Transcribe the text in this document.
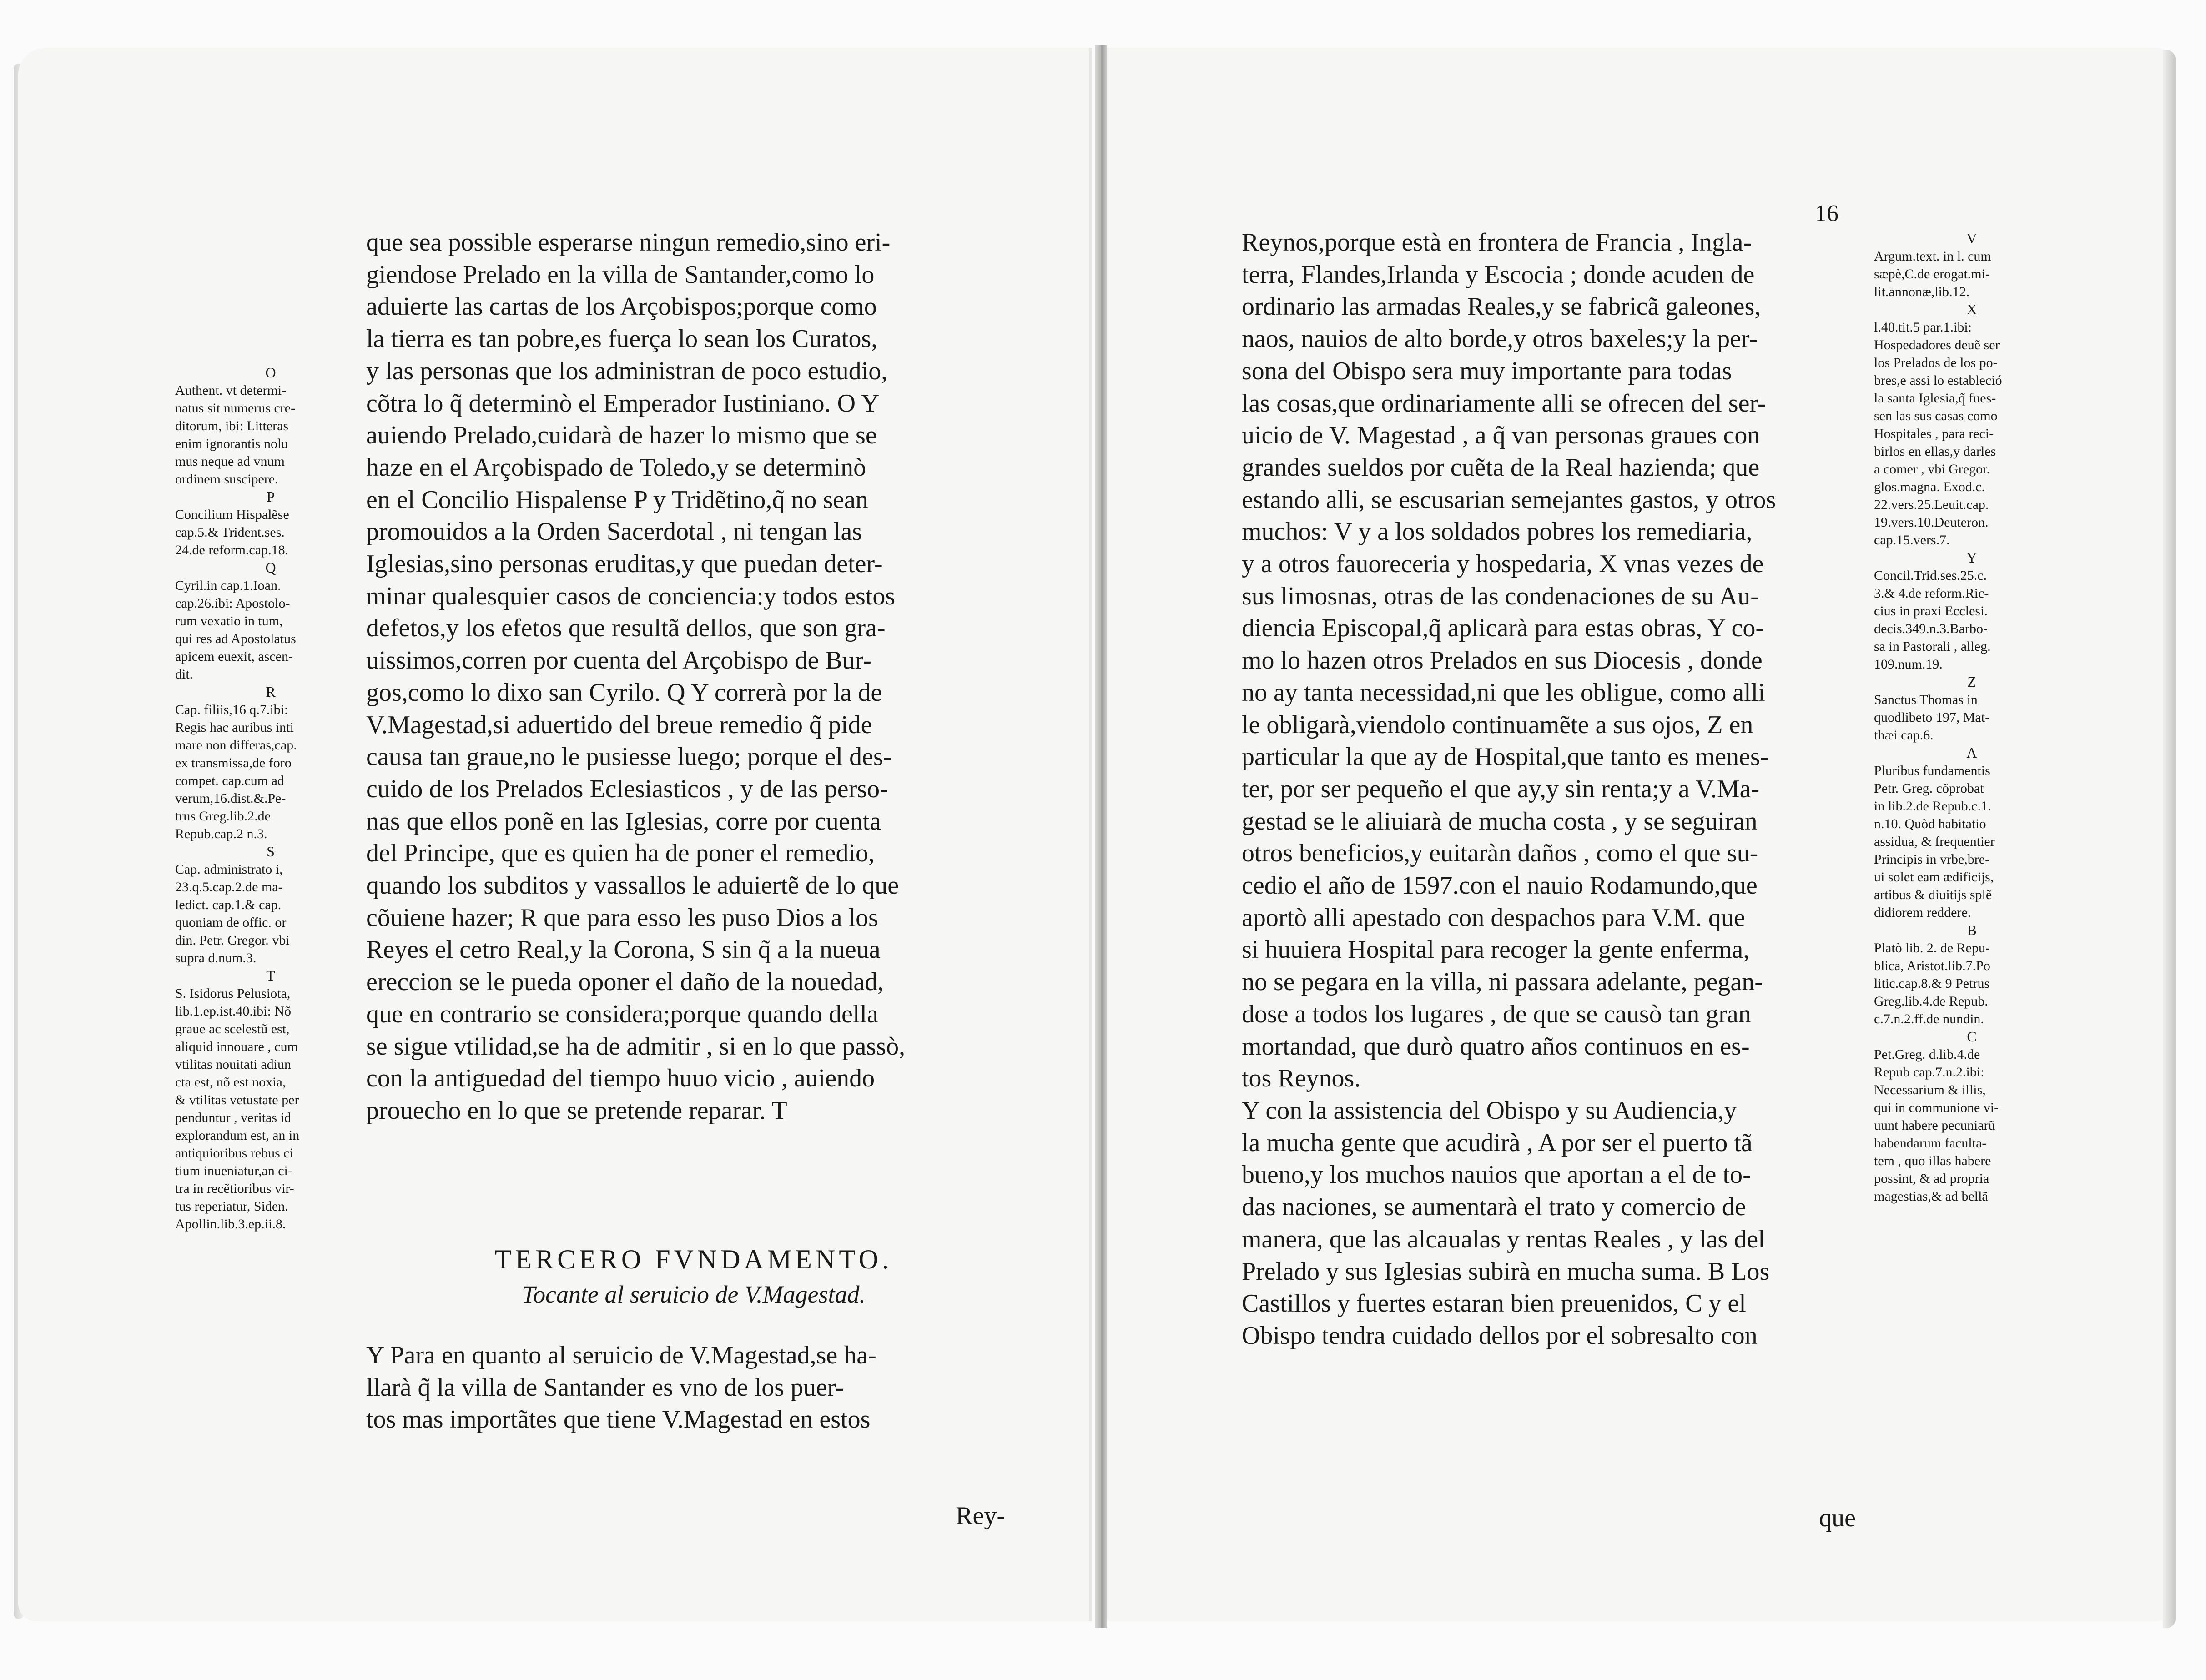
que sea possible esperarse ningun remedio,sino eri-
giendose Prelado en la villa de Santander,como lo
aduierte las cartas de los Arçobispos;porque como
la tierra es tan pobre,es fuerça lo sean los Curatos,
y las personas que los administran de poco estudio,
cõtra lo q̃ determinò el Emperador Iustiniano. O Y
auiendo Prelado,cuidarà de hazer lo mismo que se
haze en el Arçobispado de Toledo,y se determinò
en el Concilio Hispalense P y Tridẽtino,q̃ no sean
promouidos a la Orden Sacerdotal , ni tengan las
Iglesias,sino personas eruditas,y que puedan deter-
minar qualesquier casos de conciencia:y todos estos
defetos,y los efetos que resultã dellos, que son gra-
uissimos,corren por cuenta del Arçobispo de Bur-
gos,como lo dixo san Cyrilo. Q Y correrà por la de
V.Magestad,si aduertido del breue remedio q̃ pide
causa tan graue,no le pusiesse luego; porque el des-
cuido de los Prelados Eclesiasticos , y de las perso-
nas que ellos ponẽ en las Iglesias, corre por cuenta
del Principe, que es quien ha de poner el remedio,
quando los subditos y vassallos le aduiertẽ de lo que
cõuiene hazer; R que para esso les puso Dios a los
Reyes el cetro Real,y la Corona, S sin q̃ a la nueua
ereccion se le pueda oponer el daño de la nouedad,
que en contrario se considera;porque quando della
se sigue vtilidad,se ha de admitir , si en lo que passò,
con la antiguedad del tiempo huuo vicio , auiendo
prouecho en lo que se pretende reparar. T
TERCERO FVNDAMENTO.
Tocante al seruicio de V.Magestad.
Y Para en quanto al seruicio de V.Magestad,se ha-
llarà q̃ la villa de Santander es vno de los puer-
tos mas importãtes que tiene V.Magestad en estos

Rey-

O
Authent. vt determi-
natus sit numerus cre-
ditorum, ibi: Litteras
enim ignorantis nolu
mus neque ad vnum
ordinem suscipere.
P
Concilium Hispalẽse
cap.5.& Trident.ses.
24.de reform.cap.18.
Q
Cyril.in cap.1.Ioan.
cap.26.ibi: Apostolo-
rum vexatio in tum,
qui res ad Apostolatus
apicem euexit, ascen-
dit.
R
Cap. filiis,16 q.7.ibi:
Regis hac auribus inti
mare non differas,cap.
ex transmissa,de foro
compet. cap.cum ad
verum,16.dist.&.Pe-
trus Greg.lib.2.de
Repub.cap.2 n.3.
S
Cap. administrato i,
23.q.5.cap.2.de ma-
ledict. cap.1.& cap.
quoniam de offic. or
din. Petr. Gregor. vbi
supra d.num.3.
T
S. Isidorus Pelusiota,
lib.1.ep.ist.40.ibi: Nõ
graue ac scelestũ est,
aliquid innouare , cum
vtilitas nouitati adiun
cta est, nõ est noxia,
& vtilitas vetustate per
penduntur , veritas id
explorandum est, an in
antiquioribus rebus ci
tium inueniatur,an ci-
tra in recẽtioribus vir-
tus reperiatur, Siden.
Apollin.lib.3.ep.ii.8.
16
Reynos,porque està en frontera de Francia , Ingla-
terra, Flandes,Irlanda y Escocia ; donde acuden de
ordinario las armadas Reales,y se fabricã galeones,
naos, nauios de alto borde,y otros baxeles;y la per-
sona del Obispo sera muy importante para todas
las cosas,que ordinariamente alli se ofrecen del ser-
uicio de V. Magestad , a q̃ van personas graues con
grandes sueldos por cuẽta de la Real hazienda; que
estando alli, se escusarian semejantes gastos, y otros
muchos: V y a los soldados pobres los remediaria,
y a otros fauoreceria y hospedaria, X vnas vezes de
sus limosnas, otras de las condenaciones de su Au-
diencia Episcopal,q̃ aplicarà para estas obras, Y co-
mo lo hazen otros Prelados en sus Diocesis , donde
no ay tanta necessidad,ni que les obligue, como alli
le obligarà,viendolo continuamẽte a sus ojos, Z en
particular la que ay de Hospital,que tanto es menes-
ter, por ser pequeño el que ay,y sin renta;y a V.Ma-
gestad se le aliuiarà de mucha costa , y se seguiran
otros beneficios,y euitaràn daños , como el que su-
cedio el año de 1597.con el nauio Rodamundo,que
aportò alli apestado con despachos para V.M. que
si huuiera Hospital para recoger la gente enferma,
no se pegara en la villa, ni passara adelante, pegan-
dose a todos los lugares , de que se causò tan gran
mortandad, que durò quatro años continuos en es-
tos Reynos.
Y con la assistencia del Obispo y su Audiencia,y
la mucha gente que acudirà , A por ser el puerto tã
bueno,y los muchos nauios que aportan a el de to-
das naciones, se aumentarà el trato y comercio de
manera, que las alcaualas y rentas Reales , y las del
Prelado y sus Iglesias subirà en mucha suma. B Los
Castillos y fuertes estaran bien preuenidos, C y el
Obispo tendra cuidado dellos por el sobresalto con

que

V
Argum.text. in l. cum
sæpè,C.de erogat.mi-
lit.annonæ,lib.12.
X
l.40.tit.5 par.1.ibi:
Hospedadores deuẽ ser
los Prelados de los po-
bres,e assi lo estableció
la santa Iglesia,q̃ fues-
sen las sus casas como
Hospitales , para reci-
birlos en ellas,y darles
a comer , vbi Gregor.
glos.magna. Exod.c.
22.vers.25.Leuit.cap.
19.vers.10.Deuteron.
cap.15.vers.7.
Y
Concil.Trid.ses.25.c.
3.& 4.de reform.Ric-
cius in praxi Ecclesi.
decis.349.n.3.Barbo-
sa in Pastorali , alleg.
109.num.19.
Z
Sanctus Thomas in
quodlibeto 197, Mat-
thæi cap.6.
A
Pluribus fundamentis
Petr. Greg. cõprobat
in lib.2.de Repub.c.1.
n.10. Quòd habitatio
assidua, & frequentier
Principis in vrbe,bre-
ui solet eam ædificijs,
artibus & diuitijs splẽ
didiorem reddere.
B
Platò lib. 2. de Repu-
blica, Aristot.lib.7.Po
litic.cap.8.& 9 Petrus
Greg.lib.4.de Repub.
c.7.n.2.ff.de nundin.
C
Pet.Greg. d.lib.4.de
Repub cap.7.n.2.ibi:
Necessarium & illis,
qui in communione vi-
uunt habere pecuniarũ
habendarum faculta-
tem , quo illas habere
possint, & ad propria
magestias,& ad bellã
